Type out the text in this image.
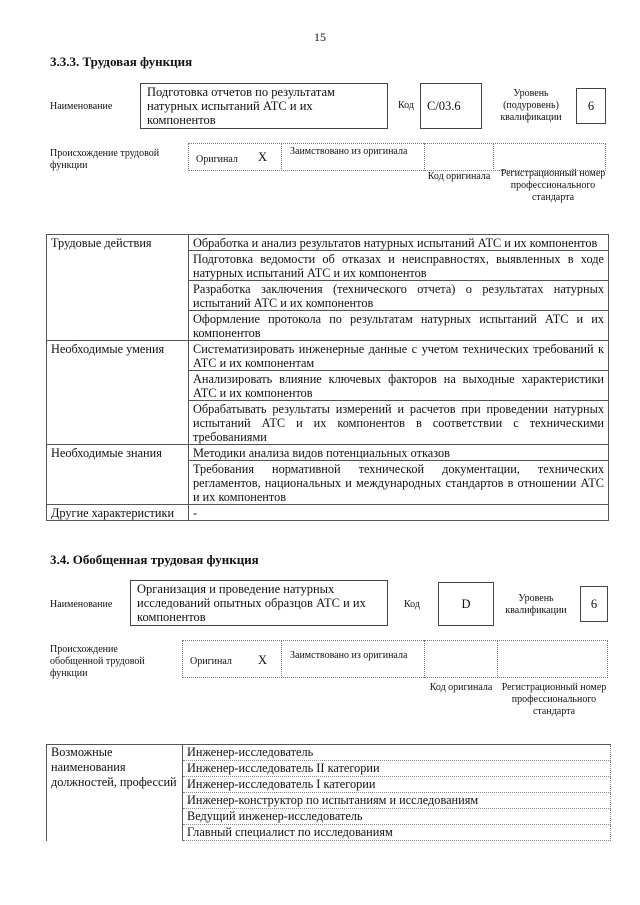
15
3.3.3. Трудовая функция
Наименование
Подготовка отчетов по результатам натурных испытаний АТС и их компонентов
Код С/03.6
Уровень (подуровень) квалификации
6
Происхождение трудовой функции
Оригинал X Заимствовано из оригинала
Код оригинала	Регистрационный номер профессионального стандарта
Трудовые действия	Обработка и анализ результатов натурных испытаний АТС и их компонентов
	Подготовка ведомости об отказах и неисправностях, выявленных в ходе натурных испытаний АТС и их компонентов
	Разработка заключения (технического отчета) о результатах натурных испытаний АТС и их компонентов
	Оформление протокола по результатам натурных испытаний АТС и их компонентов
Необходимые умения	Систематизировать инженерные данные с учетом технических требований к АТС и их компонентам
	Анализировать влияние ключевых факторов на выходные характеристики АТС и их компонентов
	Обрабатывать результаты измерений и расчетов при проведении натурных испытаний АТС и их компонентов в соответствии с техническими требованиями
Необходимые знания	Методики анализа видов потенциальных отказов
	Требования нормативной технической документации, технических регламентов, национальных и международных стандартов в отношении АТС и их компонентов
Другие характеристики	-
3.4. Обобщенная трудовая функция
Наименование
Организация и проведение натурных исследований опытных образцов АТС и их компонентов
Код	D	Уровень квалификации	6
Происхождение обобщенной трудовой функции
Оригинал X Заимствовано из оригинала
Код оригинала Регистрационный номер профессионального стандарта
Возможные наименования должностей, профессий	Инженер-исследователь
Инженер-исследователь II категории
Инженер-исследователь I категории
Инженер-конструктор по испытаниям и исследованиям
Ведущий инженер-исследователь
Главный специалист по исследованиям
